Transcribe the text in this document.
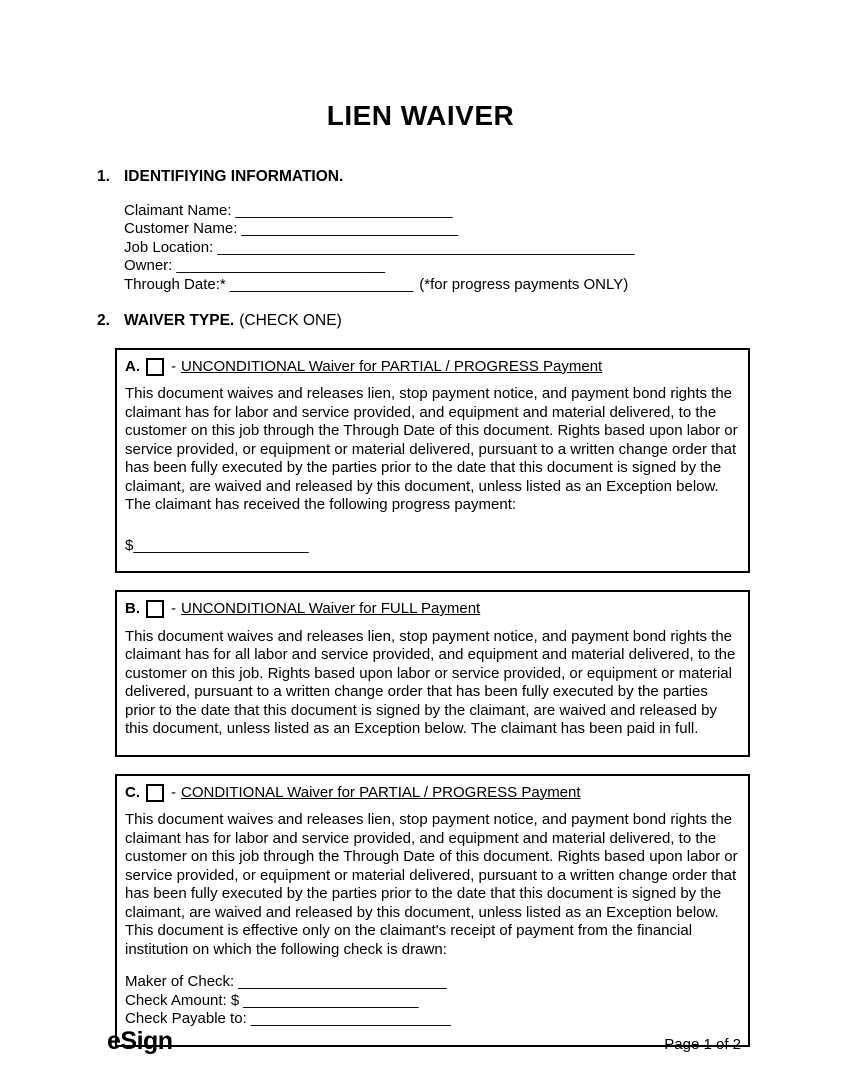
LIEN WAIVER
1. IDENTIFIYING INFORMATION.
Claimant Name: __________________________
Customer Name: __________________________
Job Location: __________________________________________________
Owner: _________________________
Through Date:* ______________________ (*for progress payments ONLY)
2. WAIVER TYPE. (CHECK ONE)
A. - UNCONDITIONAL Waiver for PARTIAL / PROGRESS Payment

This document waives and releases lien, stop payment notice, and payment bond rights the claimant has for labor and service provided, and equipment and material delivered, to the customer on this job through the Through Date of this document. Rights based upon labor or service provided, or equipment or material delivered, pursuant to a written change order that has been fully executed by the parties prior to the date that this document is signed by the claimant, are waived and released by this document, unless listed as an Exception below. The claimant has received the following progress payment:

$_____________________
B. - UNCONDITIONAL Waiver for FULL Payment

This document waives and releases lien, stop payment notice, and payment bond rights the claimant has for all labor and service provided, and equipment and material delivered, to the customer on this job. Rights based upon labor or service provided, or equipment or material delivered, pursuant to a written change order that has been fully executed by the parties prior to the date that this document is signed by the claimant, are waived and released by this document, unless listed as an Exception below. The claimant has been paid in full.

C. - CONDITIONAL Waiver for PARTIAL / PROGRESS Payment

This document waives and releases lien, stop payment notice, and payment bond rights the claimant has for labor and service provided, and equipment and material delivered, to the customer on this job through the Through Date of this document. Rights based upon labor or service provided, or equipment or material delivered, pursuant to a written change order that has been fully executed by the parties prior to the date that this document is signed by the claimant, are waived and released by this document, unless listed as an Exception below. This document is effective only on the claimant's receipt of payment from the financial institution on which the following check is drawn:

Maker of Check: _________________________
Check Amount: $ _____________________
Check Payable to: ________________________
eSign	Page 1 of 2
